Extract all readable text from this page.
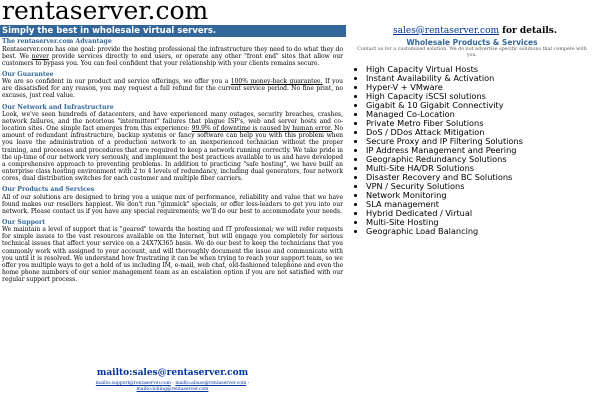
rentaserver.com
Simply the best in wholesale virtual servers.	sales@rentaserver.com for details.
The rentaserver.com Advantage

Rentaserver.com has one goal: provide the hosting professional the infrastructure they need to do what they do best. We never provide services directly to end users, or operate any other "front end" sites that allow our customers to bypass you. You can feel confident that your relationship with your clients remains secure.

Our Guarantee

We are so confident in our product and service offerings, we offer you a 100% money-back guarantee. If you are dissatisfied for any reason, you may request a full refund for the current service period. No fine print, no excuses, just real value.

Our Network and Infrastructure

Look, we've seen hundreds of datacenters, and have experienced many outages, security breaches, crashes, network failures, and the notorious "intermittent" failures that plague ISP's, web and server hosts and co-location sites. One simple fact emerges from this experience: 99.9% of downtime is caused by human error. No amount of redundant infrastructure, backup systems or fancy software can help you with this problem when you leave the administration of a production network to an inexperienced technician without the proper training, and processes and procedures that are required to keep a network running correctly. We take pride in the up-time of our network very seriously, and implement the best practices available to us and have developed a comprehensive approach to preventing problems. In addition to practicing "safe hosting", we have built an enterprise class hosting environment with 2 to 4 levels of redundancy, including dual generators, four network cores, dual distribution switches for each customer and multiple fiber carriers.

Our Products and Services

All of our solutions are designed to bring you a unique mix of performance, reliability and value that we have found makes our resellers happiest. We don't run "gimmick" specials, or offer loss-leaders to get you into our network. Please contact us if you have any special requirements; we'll do our best to accommodate your needs.

Our Support

We maintain a level of support that is "geared" towards the hosting and IT professional; we will refer requests for simple issues to the vast resources available on the Internet, but will engage you completely for serious technical issues that affect your service on a 24X7X365 basis. We do our best to keep the technicians that you commonly work with assigned to your account, and will thoroughly document the issue and communicate with you until it is resolved. We understand how frustrating it can be when trying to reach your support team, so we offer you multiple ways to get a hold of us including IM, e-mail, web chat, old-fashioned telephone and even the home phone numbers of our senior management team as an escalation option if you are not satisfied with our regular support process.

Wholesale Products & Services
Contact us for a customized solution. We do not advertise specific solutions that compete with you.
• High Capacity Virtual Hosts
• Instant Availability & Activation
• Hyper-V + VMware
• High Capacity iSCSI solutions
• Gigabit & 10 Gigabit Connectivity
• Managed Co-Location
• Private Metro Fiber Solutions
• DoS / DDos Attack Mitigation
• Secure Proxy and IP Filtering Solutions
• IP Address Management and Peering
• Geographic Redundancy Solutions
• Multi-Site HA/DR Solutions
• Disaster Recovery and BC Solutions
• VPN / Security Solutions
• Network Monitoring
• SLA management
• Hybrid Dedicated / Virtual
• Multi-Site Hosting
• Geographic Load Balancing
mailto:sales@rentaserver.com
mailto:support@rentaserver.com - mailto:abuse@rentaserver.com -
mailto:billing@rentaserver.com
